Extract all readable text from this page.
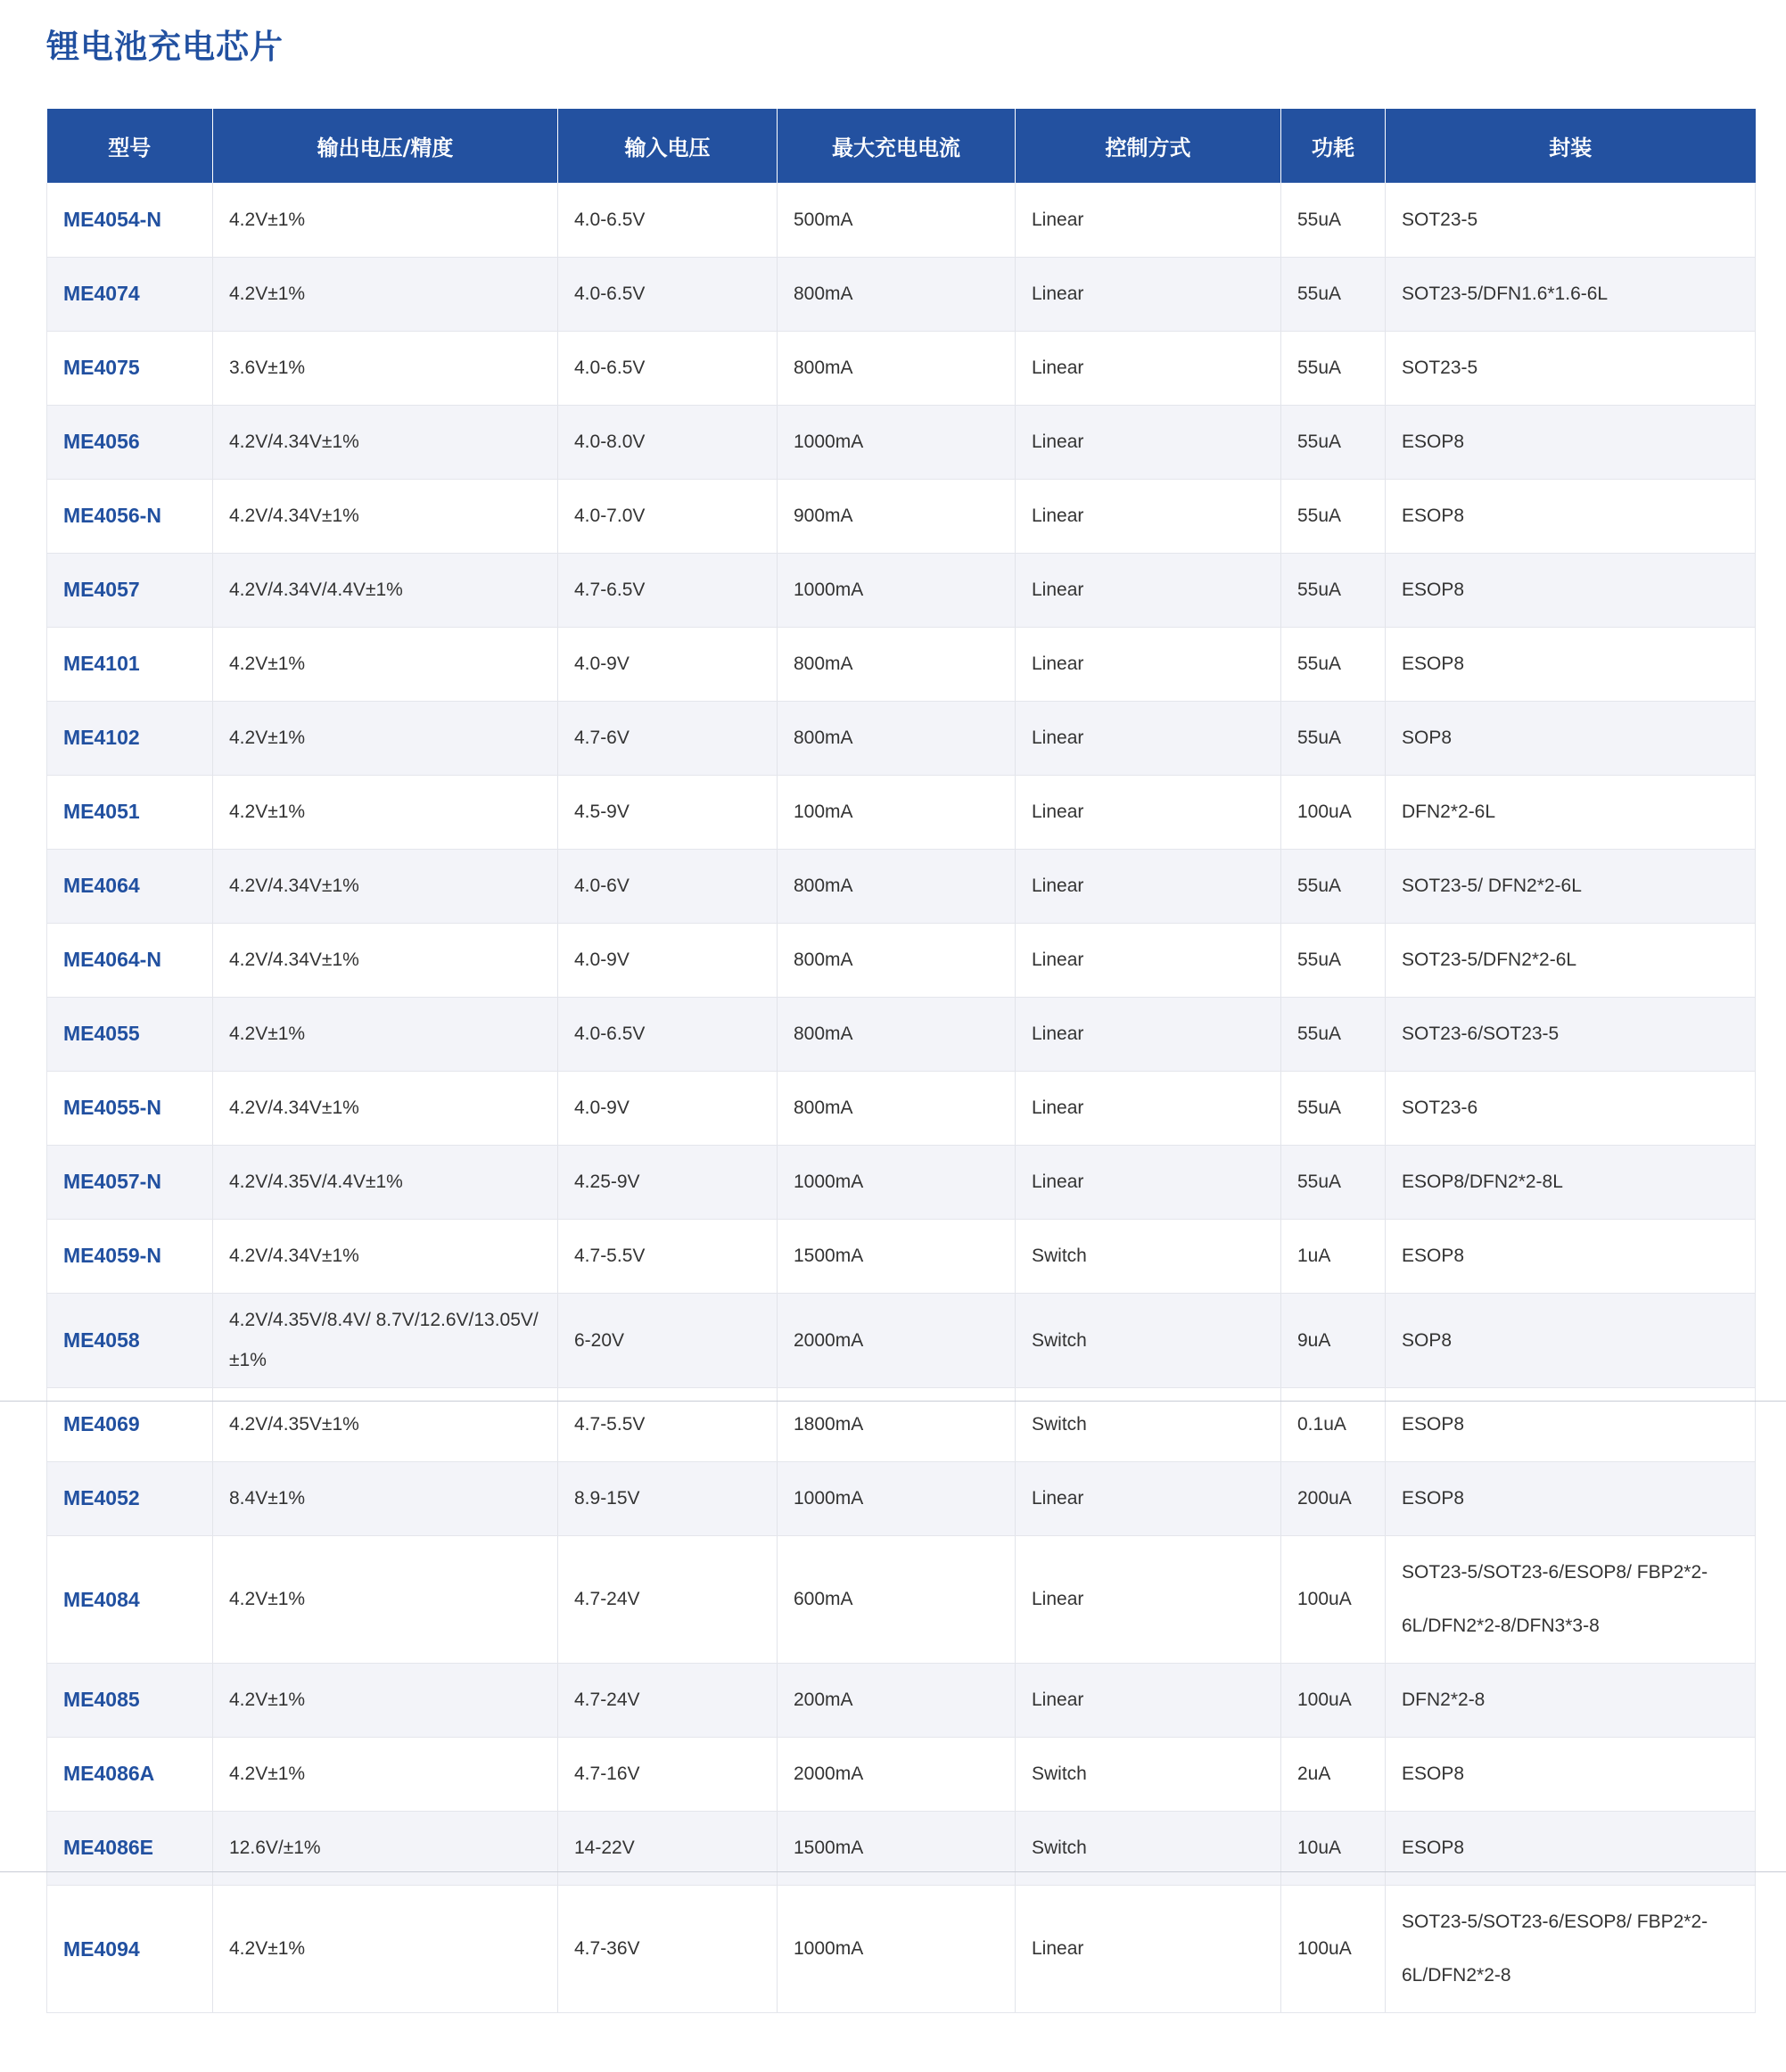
锂电池充电芯片
型号	输出电压/精度	输入电压	最大充电电流	控制方式	功耗	封装
ME4054-N	4.2V±1%	4.0-6.5V	500mA	Linear	55uA	SOT23-5
ME4074	4.2V±1%	4.0-6.5V	800mA	Linear	55uA	SOT23-5/DFN1.6*1.6-6L
ME4075	3.6V±1%	4.0-6.5V	800mA	Linear	55uA	SOT23-5
ME4056	4.2V/4.34V±1%	4.0-8.0V	1000mA	Linear	55uA	ESOP8
ME4056-N	4.2V/4.34V±1%	4.0-7.0V	900mA	Linear	55uA	ESOP8
ME4057	4.2V/4.34V/4.4V±1%	4.7-6.5V	1000mA	Linear	55uA	ESOP8
ME4101	4.2V±1%	4.0-9V	800mA	Linear	55uA	ESOP8
ME4102	4.2V±1%	4.7-6V	800mA	Linear	55uA	SOP8
ME4051	4.2V±1%	4.5-9V	100mA	Linear	100uA	DFN2*2-6L
ME4064	4.2V/4.34V±1%	4.0-6V	800mA	Linear	55uA	SOT23-5/ DFN2*2-6L
ME4064-N	4.2V/4.34V±1%	4.0-9V	800mA	Linear	55uA	SOT23-5/DFN2*2-6L
ME4055	4.2V±1%	4.0-6.5V	800mA	Linear	55uA	SOT23-6/SOT23-5
ME4055-N	4.2V/4.34V±1%	4.0-9V	800mA	Linear	55uA	SOT23-6
ME4057-N	4.2V/4.35V/4.4V±1%	4.25-9V	1000mA	Linear	55uA	ESOP8/DFN2*2-8L
ME4059-N	4.2V/4.34V±1%	4.7-5.5V	1500mA	Switch	1uA	ESOP8
ME4058	4.2V/4.35V/8.4V/ 8.7V/12.6V/13.05V/ ±1%	6-20V	2000mA	Switch	9uA	SOP8
ME4069	4.2V/4.35V±1%	4.7-5.5V	1800mA	Switch	0.1uA	ESOP8
ME4052	8.4V±1%	8.9-15V	1000mA	Linear	200uA	ESOP8
ME4084	4.2V±1%	4.7-24V	600mA	Linear	100uA	SOT23-5/SOT23-6/ESOP8/ FBP2*2-6L/DFN2*2-8/DFN3*3-8
ME4085	4.2V±1%	4.7-24V	200mA	Linear	100uA	DFN2*2-8
ME4086A	4.2V±1%	4.7-16V	2000mA	Switch	2uA	ESOP8
ME4086E	12.6V/±1%	14-22V	1500mA	Switch	10uA	ESOP8
ME4094	4.2V±1%	4.7-36V	1000mA	Linear	100uA	SOT23-5/SOT23-6/ESOP8/ FBP2*2-6L/DFN2*2-8
